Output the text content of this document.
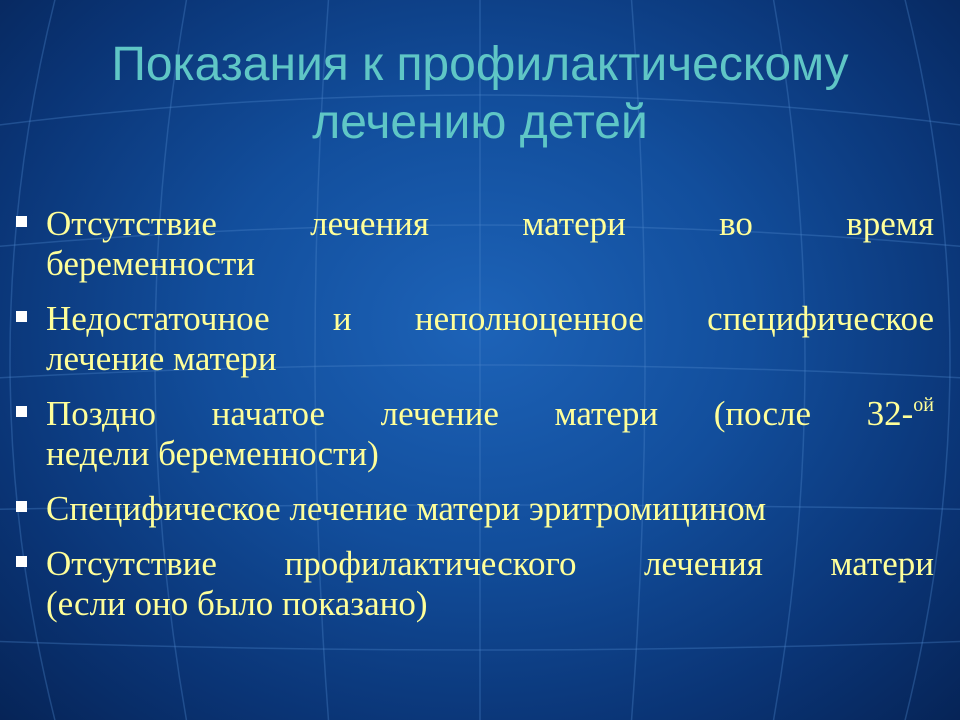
Показания к профилактическому
лечению детей
Отсутствие лечения матери во время
беременности
Недостаточное и неполноценное специфическое
лечение матери
Поздно начатое лечение матери (после 32-$^{ой}$
недели беременности)
Специфическое лечение матери эритромицином
Отсутствие профилактического лечения матери
(если оно было показано)
